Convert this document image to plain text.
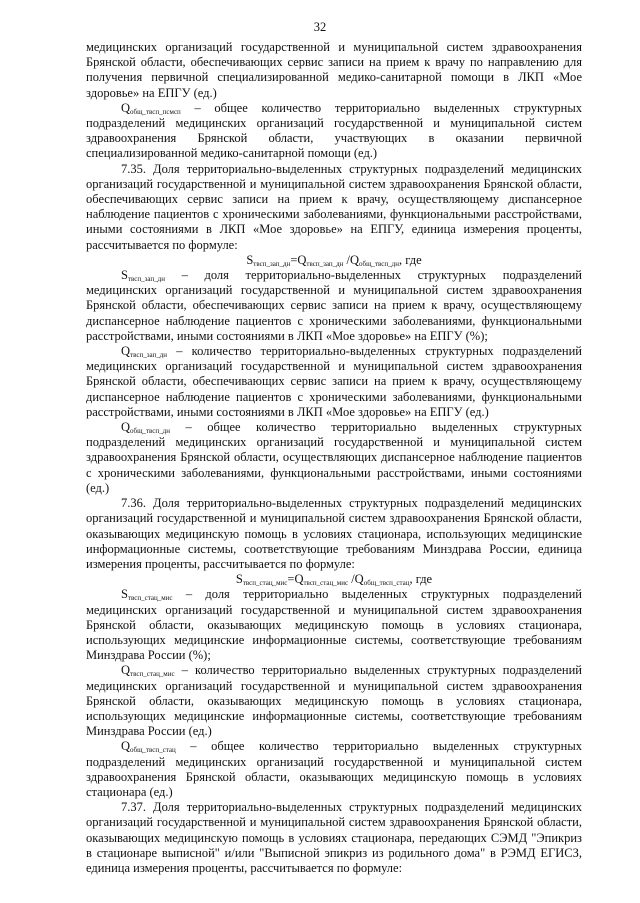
32

медицинских организаций государственной и муниципальной систем здравоохранения Брянской области, обеспечивающих сервис записи на прием к врачу по направлению для получения первичной специализированной медико-санитарной помощи в ЛКП «Мое здоровье» на ЕПГУ (ед.)

$Q_{общ\_твсп\_псмсп}$ – общее количество территориально выделенных структурных подразделений медицинских организаций государственной и муниципальной систем здравоохранения Брянской области, участвующих в оказании первичной специализированной медико-санитарной помощи (ед.)

7.35. Доля территориально-выделенных структурных подразделений медицинских организаций государственной и муниципальной систем здравоохранения Брянской области, обеспечивающих сервис записи на прием к врачу, осуществляющему диспансерное наблюдение пациентов с хроническими заболеваниями, функциональными расстройствами, иными состояниями в ЛКП «Мое здоровье» на ЕПГУ, единица измерения проценты, рассчитывается по формуле:

$S_{твсп\_зап\_дн}=Q_{твсп\_зап\_дн}$ $/Q_{общ\_твсп\_дн}$, где

$S_{твсп\_зап\_дн}$ – доля территориально-выделенных структурных подразделений медицинских организаций государственной и муниципальной систем здравоохранения Брянской области, обеспечивающих сервис записи на прием к врачу, осуществляющему диспансерное наблюдение пациентов с хроническими заболеваниями, функциональными расстройствами, иными состояниями в ЛКП «Мое здоровье» на ЕПГУ (%);

$Q_{твсп\_зап\_дн}$ – количество территориально-выделенных структурных подразделений медицинских организаций государственной и муниципальной систем здравоохранения Брянской области, обеспечивающих сервис записи на прием к врачу, осуществляющему диспансерное наблюдение пациентов с хроническими заболеваниями, функциональными расстройствами, иными состояниями в ЛКП «Мое здоровье» на ЕПГУ (ед.)

$Q_{общ\_твсп\_дн}$ – общее количество территориально выделенных структурных подразделений медицинских организаций государственной и муниципальной систем здравоохранения Брянской области, осуществляющих диспансерное наблюдение пациентов с хроническими заболеваниями, функциональными расстройствами, иными состояниями (ед.)

7.36. Доля территориально-выделенных структурных подразделений медицинских организаций государственной и муниципальной систем здравоохранения Брянской области, оказывающих медицинскую помощь в условиях стационара, использующих медицинские информационные системы, соответствующие требованиям Минздрава России, единица измерения проценты, рассчитывается по формуле:

$S_{твсп\_стац\_мис}=Q_{твсп\_стац\_мис}$ $/Q_{общ\_твсп\_стац}$, где

$S_{твсп\_стац\_мис}$ – доля территориально выделенных структурных подразделений медицинских организаций государственной и муниципальной систем здравоохранения Брянской области, оказывающих медицинскую помощь в условиях стационара, использующих медицинские информационные системы, соответствующие требованиям Минздрава России (%);

$Q_{твсп\_стац\_мис}$ – количество территориально выделенных структурных подразделений медицинских организаций государственной и муниципальной систем здравоохранения Брянской области, оказывающих медицинскую помощь в условиях стационара, использующих медицинские информационные системы, соответствующие требованиям Минздрава России (ед.)

$Q_{общ\_твсп\_стац}$ – общее количество территориально выделенных структурных подразделений медицинских организаций государственной и муниципальной систем здравоохранения Брянской области, оказывающих медицинскую помощь в условиях стационара (ед.)

7.37. Доля территориально-выделенных структурных подразделений медицинских организаций государственной и муниципальной систем здравоохранения Брянской области, оказывающих медицинскую помощь в условиях стационара, передающих СЭМД "Эпикриз в стационаре выписной" и/или "Выписной эпикриз из родильного дома" в РЭМД ЕГИСЗ, единица измерения проценты, рассчитывается по формуле:
